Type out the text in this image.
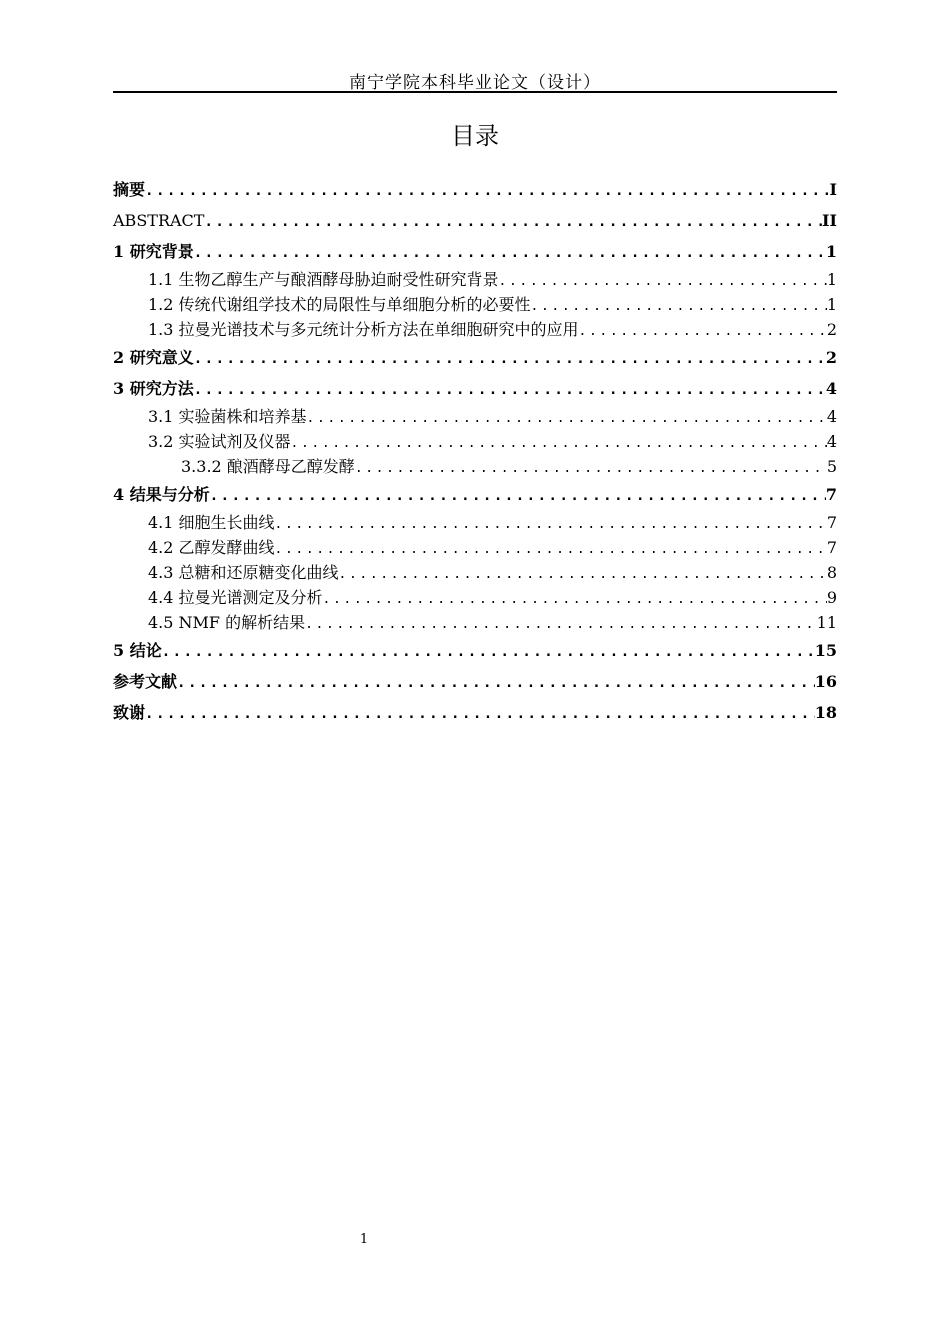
南宁学院本科毕业论文（设计）
目录
摘要 .....	I
ABSTRACT .....	II
1 研究背景 .....	1
1.1 生物乙醇生产与酿酒酵母胁迫耐受性研究背景 .....	1
1.2 传统代谢组学技术的局限性与单细胞分析的必要性 .....	1
1.3 拉曼光谱技术与多元统计分析方法在单细胞研究中的应用 .....	2
2 研究意义 .....	2
3 研究方法 .....	4
3.1 实验菌株和培养基 .....	4
3.2 实验试剂及仪器 .....	4
3.3.2 酿酒酵母乙醇发酵 .....	5
4 结果与分析 .....	7
4.1 细胞生长曲线 .....	7
4.2 乙醇发酵曲线 .....	7
4.3 总糖和还原糖变化曲线 .....	8
4.4 拉曼光谱测定及分析 .....	9
4.5 NMF 的解析结果 .....	11
5 结论 .....	15
参考文献 .....	16
致谢 .....	18
1
